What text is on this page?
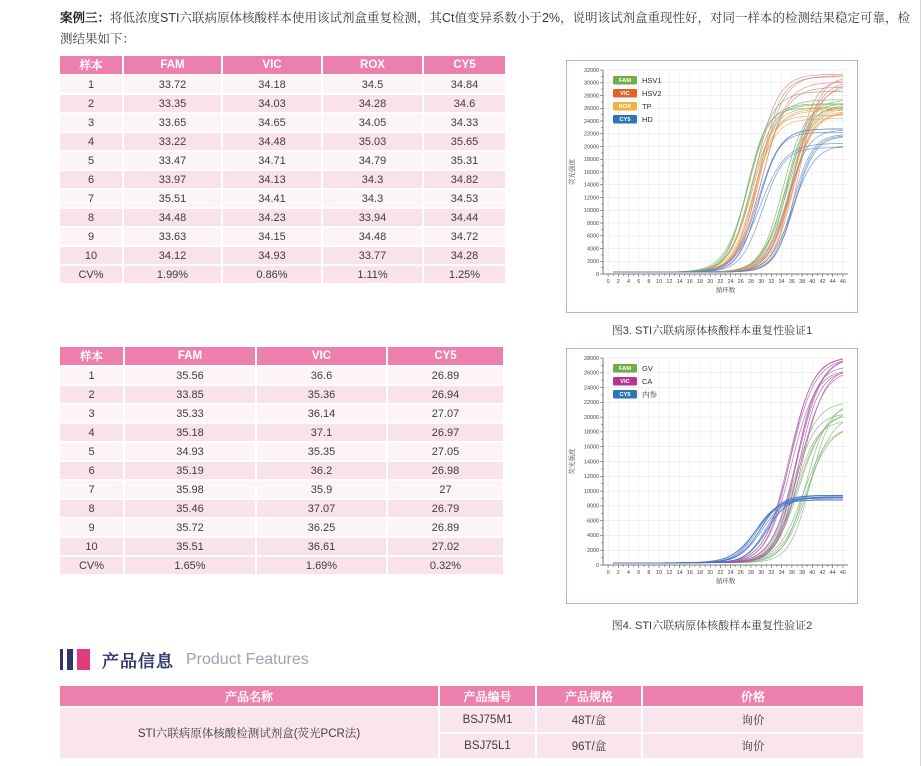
案例三：将低浓度STI六联病原体核酸样本使用该试剂盒重复检测，其Ct值变异系数小于2%，说明该试剂盒重现性好，对同一样本的检测结果稳定可靠，检测结果如下：

样本	FAM	VIC	ROX	CY5
1	33.72	34.18	34.5	34.84
2	33.35	34.03	34.28	34.6
3	33.65	34.65	34.05	34.33
4	33.22	34.48	35.03	35.65
5	33.47	34.71	34.79	35.31
6	33.97	34.13	34.3	34.82
7	35.51	34.41	34.3	34.53
8	34.48	34.23	33.94	34.44
9	33.63	34.15	34.48	34.72
10	34.12	34.93	33.77	34.28
CV%	1.99%	0.86%	1.11%	1.25%	0
2000
4000
6000
8000
10000
12000
14000
16000
18000
20000
22000
24000
26000
28000
30000
32000
0 2 4 6 8 10 12 14 16 18 20 22 24 26 28 30 32 34 36 38 40 42 44 46
循环数
荧光强度
FAM HSV1
VIC HSV2
ROX TP
CY5 HD
图3. STI六联病原体核酸样本重复性验证1
样本	FAM	VIC	CY5
1	35.56	36.6	26.89
2	33.85	35.36	26.94
3	35.33	36.14	27.07
4	35.18	37.1	26.97
5	34.93	35.35	27.05
6	35.19	36.2	26.98
7	35.98	35.9	27
8	35.46	37.07	26.79
9	35.72	36.25	26.89
10	35.51	36.61	27.02
CV%	1.65%	1.69%	0.32%	0
2000
4000
6000
8000
10000
12000
14000
16000
18000
20000
22000
24000
26000
28000
0 2 4 6 8 10 12 14 16 18 20 22 24 26 28 30 32 34 36 38 40 42 44 46
循环数
荧光强度
FAM GV
VIC CA
CY5 内参
图4. STI六联病原体核酸样本重复性验证2
产品信息 Product Features
产品名称	产品编号	产品规格	价格
STI六联病原体核酸检测试剂盒(荧光PCR法)	BSJ75M1	48T/盒	询价
	BSJ75L1	96T/盒	询价
